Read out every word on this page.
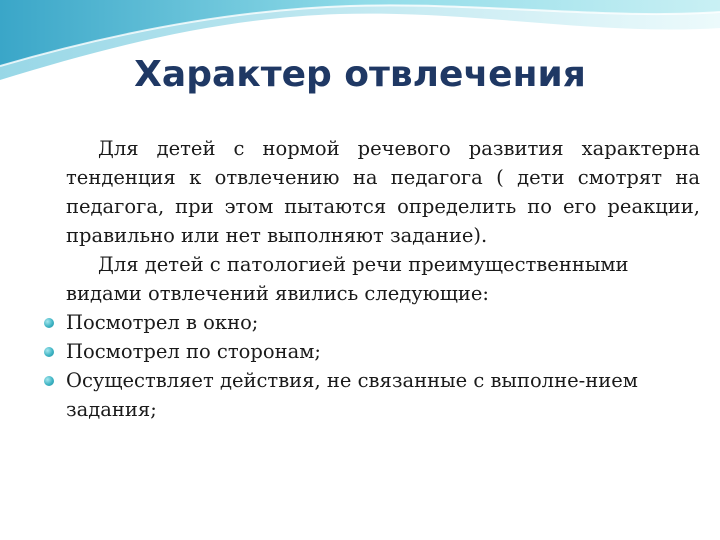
Характер отвлечения

Для детей с нормой речевого развития характерна тенденция к отвлечению на педагога ( дети смотрят на педагога, при этом пытаются определить по его реакции, правильно или нет выполняют задание).

Для детей с патологией речи преимущественными видами отвлечений явились следующие:

Посмотрел в окно;
Посмотрел по сторонам;
Осуществляет действия, не связанные с выполне-нием задания;
